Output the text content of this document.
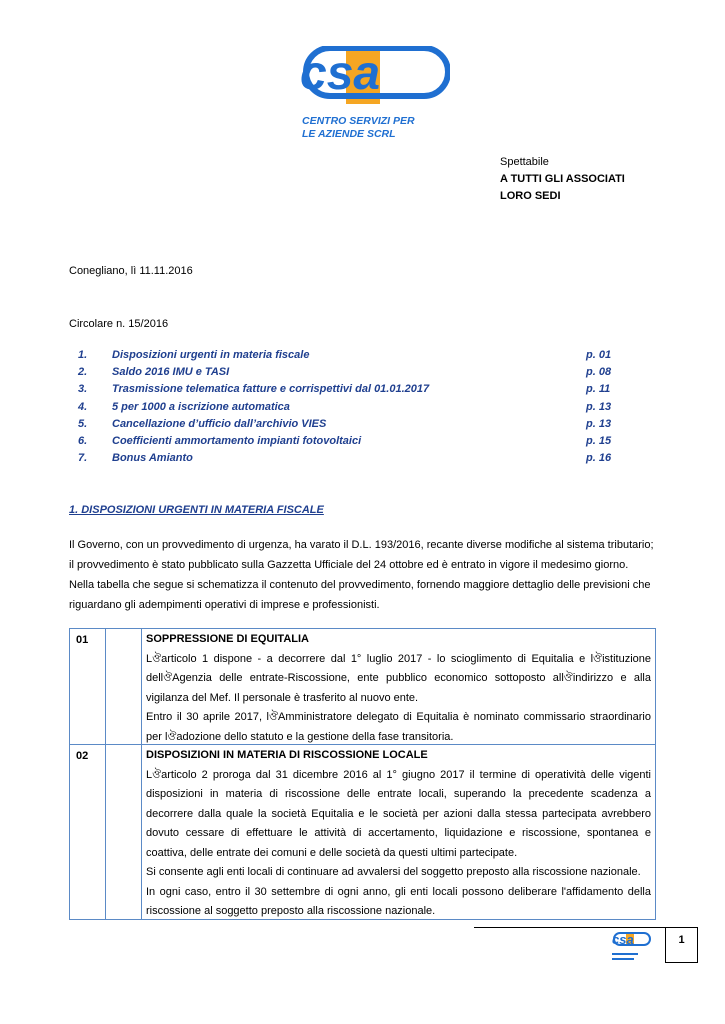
csa
CENTRO SERVIZI PER
LE AZIENDE SCRL
Spettabile
A TUTTI GLI ASSOCIATI
LORO SEDI
Conegliano, lì 11.11.2016
Circolare n. 15/2016
1. Disposizioni urgenti in materia fiscale	p. 01
2. Saldo 2016 IMU e TASI	p. 08
3. Trasmissione telematica fatture e corrispettivi dal 01.01.2017	p. 11
4. 5 per 1000 a iscrizione automatica	p. 13
5. Cancellazione d’ufficio dall’archivio VIES	p. 13
6. Coefficienti ammortamento impianti fotovoltaici	p. 15
7. Bonus Amianto	p. 16
1. DISPOSIZIONI URGENTI IN MATERIA FISCALE
Il Governo, con un provvedimento di urgenza, ha varato il D.L. 193/2016, recante diverse modifiche al sistema tributario; il provvedimento è stato pubblicato sulla Gazzetta Ufficiale del 24 ottobre ed è entrato in vigore il medesimo giorno.
Nella tabella che segue si schematizza il contenuto del provvedimento, fornendo maggiore dettaglio delle previsioni che riguardano gli adempimenti operativi di imprese e professionisti.
01	SOPPRESSIONE DI EQUITALIA
Lঔarticolo 1 dispone - a decorrere dal 1° luglio 2017 - lo scioglimento di Equitalia e lঔistituzione dellঔAgenzia delle entrate-Riscossione, ente pubblico economico sottoposto allঔindirizzo e alla vigilanza del Mef. Il personale è trasferito al nuovo ente.
Entro il 30 aprile 2017, lঔAmministratore delegato di Equitalia è nominato commissario straordinario per lঔadozione dello statuto e la gestione della fase transitoria.
02	DISPOSIZIONI IN MATERIA DI RISCOSSIONE LOCALE
Lঔarticolo 2 proroga dal 31 dicembre 2016 al 1° giugno 2017 il termine di operatività delle vigenti disposizioni in materia di riscossione delle entrate locali, superando la precedente scadenza a decorrere dalla quale la società Equitalia e le società per azioni dalla stessa partecipata avrebbero dovuto cessare di effettuare le attività di accertamento, liquidazione e riscossione, spontanea e coattiva, delle entrate dei comuni e delle società da questi ultimi partecipate.
Si consente agli enti locali di continuare ad avvalersi del soggetto preposto alla riscossione nazionale.
In ogni caso, entro il 30 settembre di ogni anno, gli enti locali possono deliberare l'affidamento della riscossione al soggetto preposto alla riscossione nazionale.
csa	1
